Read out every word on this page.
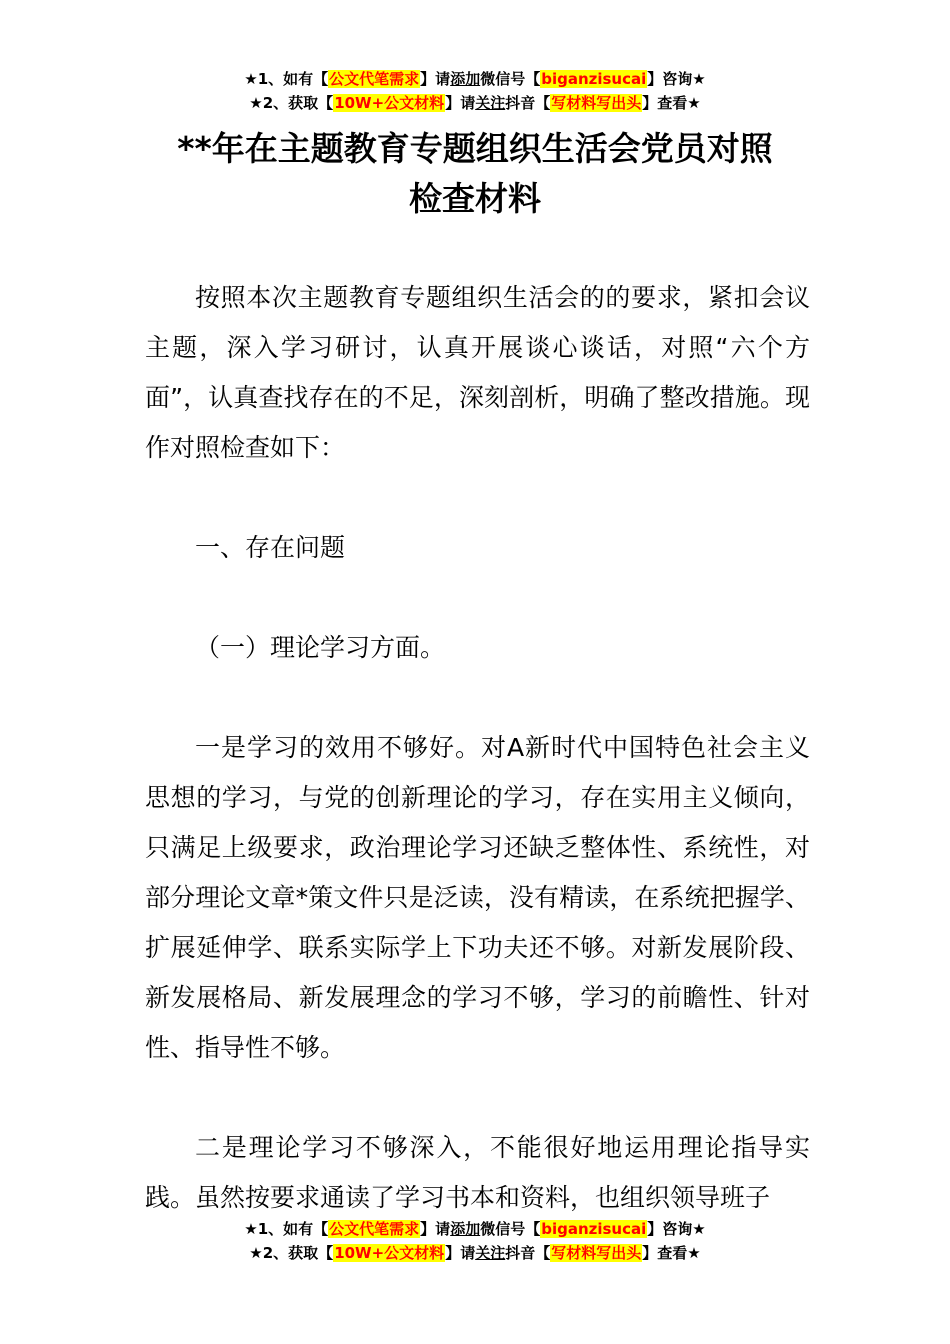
★1、如有【公文代笔需求】请添加微信号【biganzisucai】咨询★
★2、获取【10W+公文材料】请关注抖音【写材料写出头】查看★
**年在主题教育专题组织生活会党员对照
检查材料

按照本次主题教育专题组织生活会的的要求，紧扣会议主题，深入学习研讨，认真开展谈心谈话，对照“六个方面”，认真查找存在的不足，深刻剖析，明确了整改措施。现作对照检查如下：

一、存在问题

（一）理论学习方面。

一是学习的效用不够好。对A新时代中国特色社会主义思想的学习，与党的创新理论的学习，存在实用主义倾向，只满足上级要求，政治理论学习还缺乏整体性、系统性，对部分理论文章*策文件只是泛读，没有精读，在系统把握学、扩展延伸学、联系实际学上下功夫还不够。对新发展阶段、新发展格局、新发展理念的学习不够，学习的前瞻性、针对性、指导性不够。

二是理论学习不够深入，不能很好地运用理论指导实践。虽然按要求通读了学习书本和资料，也组织领导班子

★1、如有【公文代笔需求】请添加微信号【biganzisucai】咨询★
★2、获取【10W+公文材料】请关注抖音【写材料写出头】查看★
